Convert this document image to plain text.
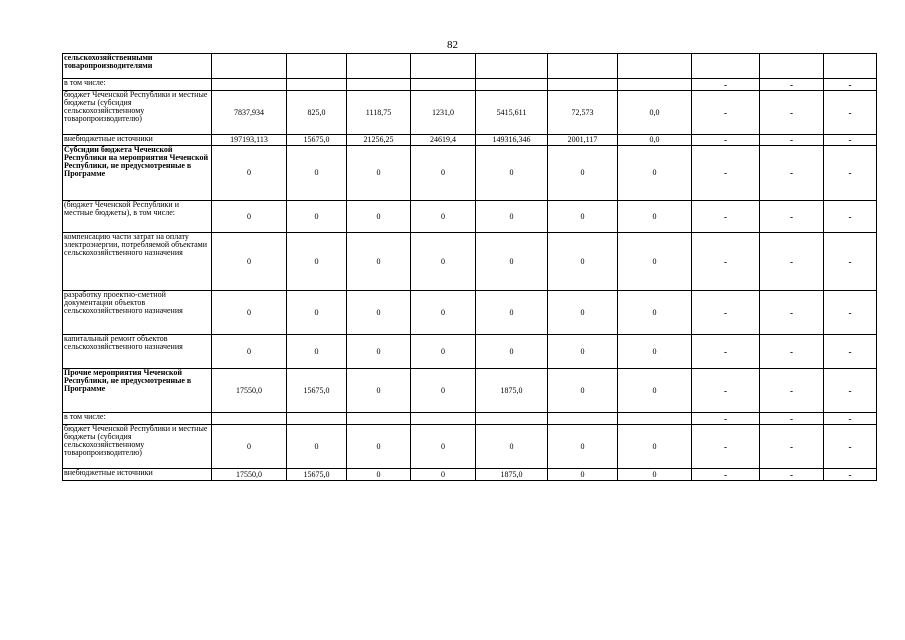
82
сельскохозяйственными товаропроизводителями										
в том числе:								-	-	-
бюджет Чеченской Республики и местные бюджеты (субсидия сельскохозяйственному товаропроизводителю)	7837,934	825,0	1118,75	1231,0	5415,611	72,573	0,0	-	-	-
внебюджетные источники	197193,113	15675,0	21256,25	24619,4	149316,346	2001,117	0,0	-	-	-
Субсидии бюджета Чеченской Республики на мероприятия Чеченской Республики, не предусмотренные в Программе	0	0	0	0	0	0	0	-	-	-
(бюджет Чеченской Республики и местные бюджеты), в том числе:	0	0	0	0	0	0	0	-	-	-
компенсацию части затрат на оплату электроэнергии, потребляемой объектами сельскохозяйственного назначения	0	0	0	0	0	0	0	-	-	-
разработку проектно-сметной документации объектов сельскохозяйственного назначения	0	0	0	0	0	0	0	-	-	-
капитальный ремонт объектов сельскохозяйственного назначения	0	0	0	0	0	0	0	-	-	-
Прочие мероприятия Чеченской Республики, не предусмотренные в Программе	17550,0	15675,0	0	0	1875,0	0	0	-	-	-
в том числе:								-	-	-
бюджет Чеченской Республики и местные бюджеты (субсидия сельскохозяйственному товаропроизводителю)	0	0	0	0	0	0	0	-	-	-
внебюджетные источники	17550,0	15675,0	0	0	1875,0	0	0	-	-	-
